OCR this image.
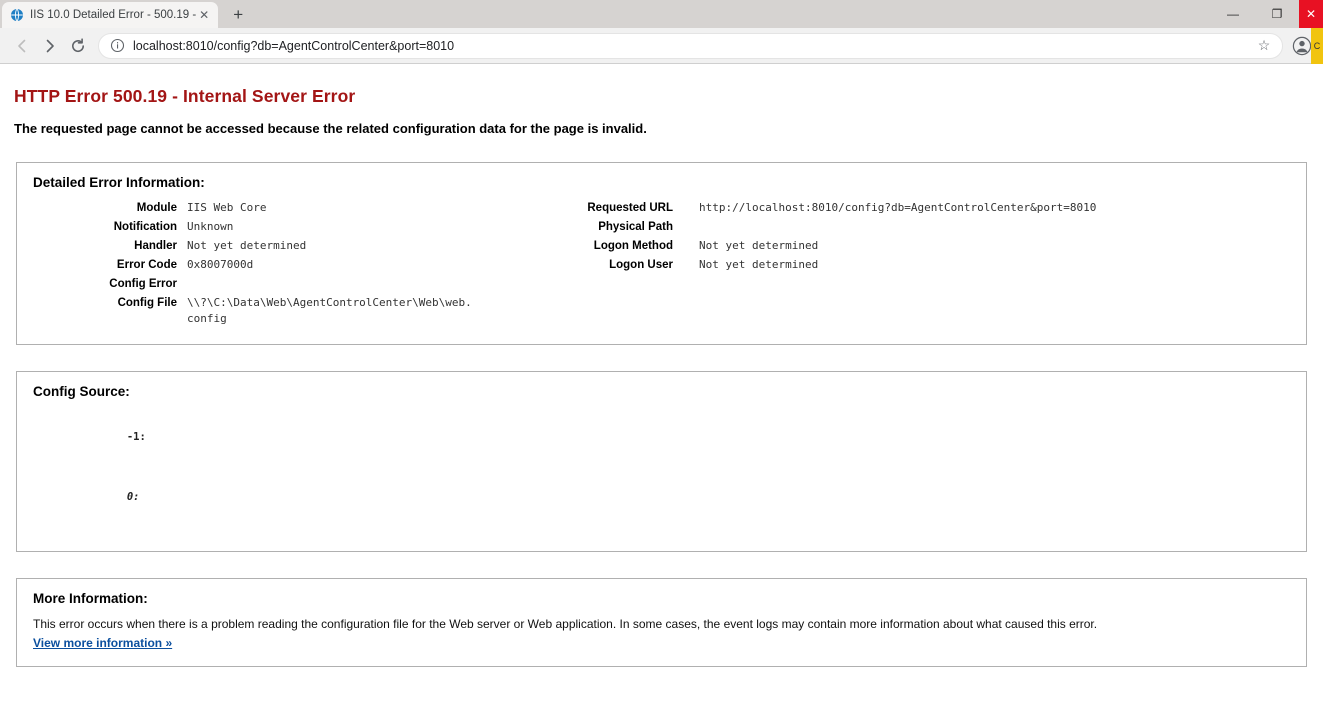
IIS 10.0 Detailed Error - 500.19 - ✕	+	—	❐	✕
localhost:8010/config?db=AgentControlCenter&port=8010	☆	C
HTTP Error 500.19 - Internal Server Error
The requested page cannot be accessed because the related configuration data for the page is invalid.
Detailed Error Information:
Module IIS Web Core
Notification Unknown
Handler Not yet determined
Error Code 0x8007000d
Config Error
Config File \\?\C:\Data\Web\AgentControlCenter\Web\web.config
Requested URL	http://localhost:8010/config?db=AgentControlCenter&port=8010
Physical Path
Logon Method	Not yet determined
Logon User	Not yet determined
Config Source:

-1:

0:

More Information:
This error occurs when there is a problem reading the configuration file for the Web server or Web application. In some cases, the event logs may contain more information about what caused this error.
View more information »
